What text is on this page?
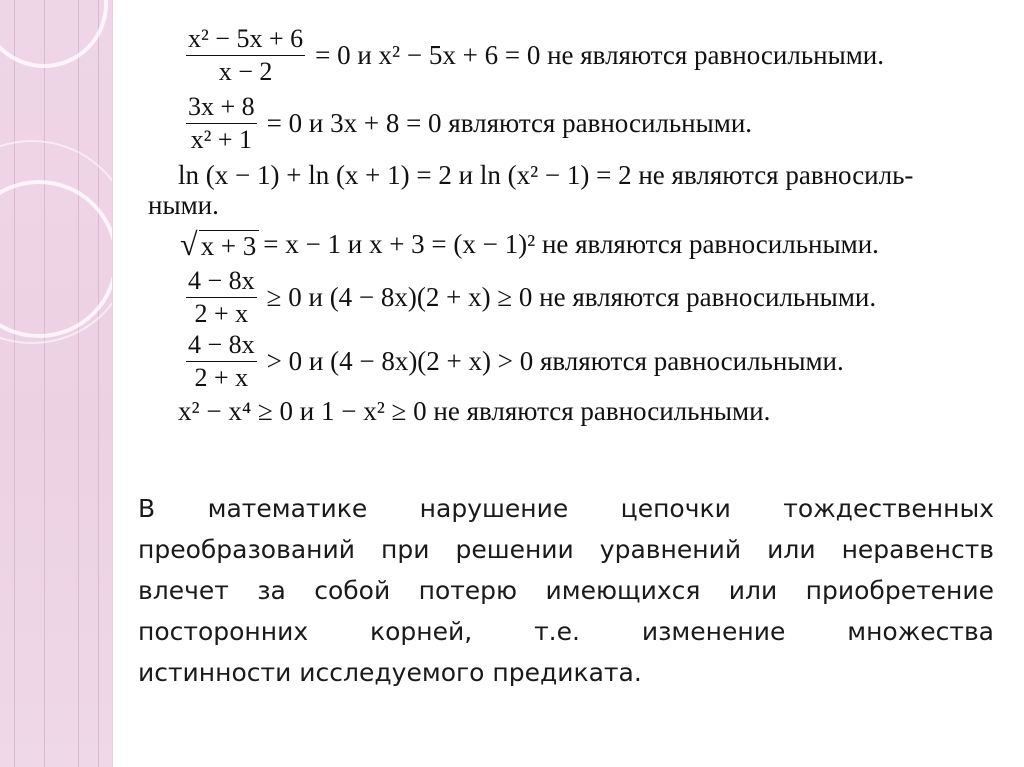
$\frac{\text{x² − 5x + 6}}{x - 2} = 0$ и x² − 5x + 6 = 0 не являются равносильными.
$\frac{3x + 8}{\text{x² + 1}} = 0$ и 3x + 8 = 0 являются равносильными.
ln (x − 1) + ln (x + 1) = 2 и ln (x² − 1) = 2 не являются равносиль-
ными.
√ x + 3 = x − 1 и x + 3 = (x − 1)² не являются равносильными.
$\frac{4 - 8x}{2 + x} \ge 0$ и (4 − 8x)(2 + x) ≥ 0 не являются равносильными.
$\frac{4 - 8x}{2 + x} > 0$ и (4 − 8x)(2 + x) > 0 являются равносильными.
x² − x⁴ ≥ 0 и 1 − x² ≥ 0 не являются равносильными.
В математике нарушение цепочки тождественных
преобразований при решении уравнений или неравенств
влечет за собой потерю имеющихся или приобретение
посторонних корней, т.е. изменение множества
истинности исследуемого предиката.
